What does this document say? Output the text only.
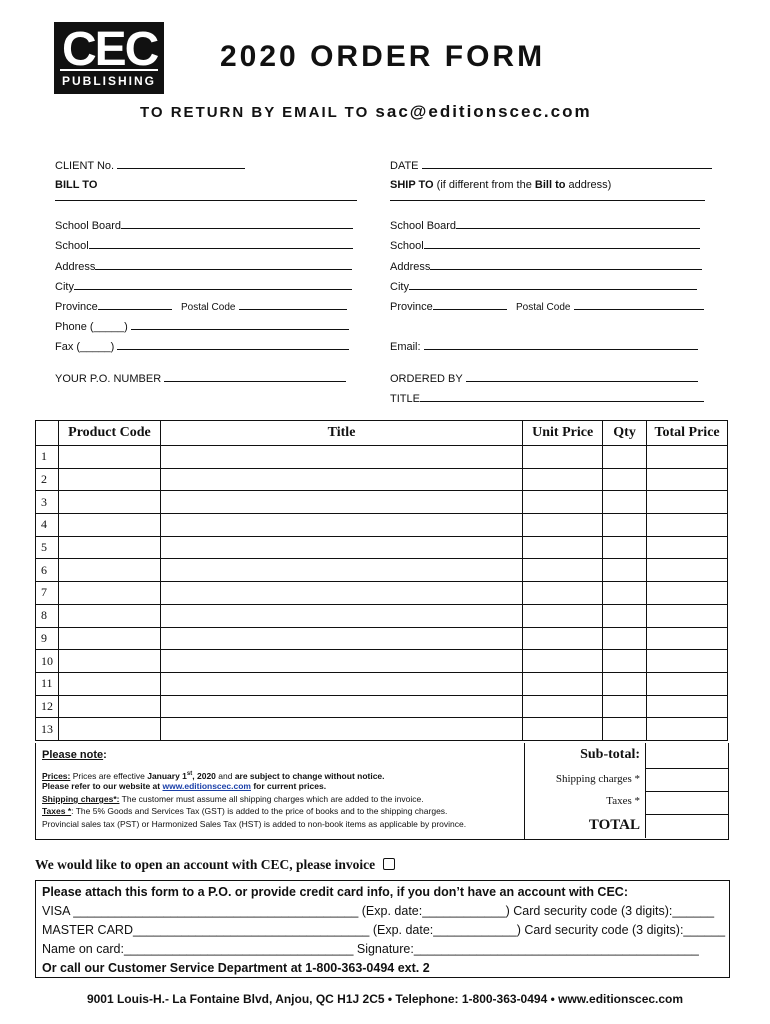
CEC
PUBLISHING
2020 ORDER FORM
TO RETURN BY EMAIL TO sac@editionscec.com
CLIENT No.
BILL TO
School Board
School
Address
City
Province	Postal Code
Phone (_____)
Fax (_____)
YOUR P.O. NUMBER
DATE
SHIP TO (if different from the Bill to address)
School Board
School
Address
City
Province	Postal Code
Email:
ORDERED BY
TITLE
	Product Code	Title	Unit Price	Qty	Total Price
1					
2					
3					
4					
5					
6					
7					
8					
9					
10					
11					
12					
13					
Please note:
Prices: Prices are effective January 1st, 2020 and are subject to change without notice.
Please refer to our website at www.editionscec.com for current prices.
Shipping charges*: The customer must assume all shipping charges which are added to the invoice.
Taxes *: The 5% Goods and Services Tax (GST) is added to the price of books and to the shipping charges.
Provincial sales tax (PST) or Harmonized Sales Tax (HST) is added to non-book items as applicable by province.
Sub-total:
Shipping charges *
Taxes *
TOTAL
We would like to open an account with CEC, please invoice
Please attach this form to a P.O. or provide credit card info, if you don’t have an account with CEC:
VISA _________________________________________ (Exp. date:____________) Card security code (3 digits):______
MASTER CARD__________________________________ (Exp. date:____________) Card security code (3 digits):______
Name on card:_________________________________ Signature:_________________________________________
Or call our Customer Service Department at 1-800-363-0494 ext. 2
9001 Louis-H.- La Fontaine Blvd, Anjou, QC H1J 2C5 • Telephone: 1-800-363-0494 • www.editionscec.com
